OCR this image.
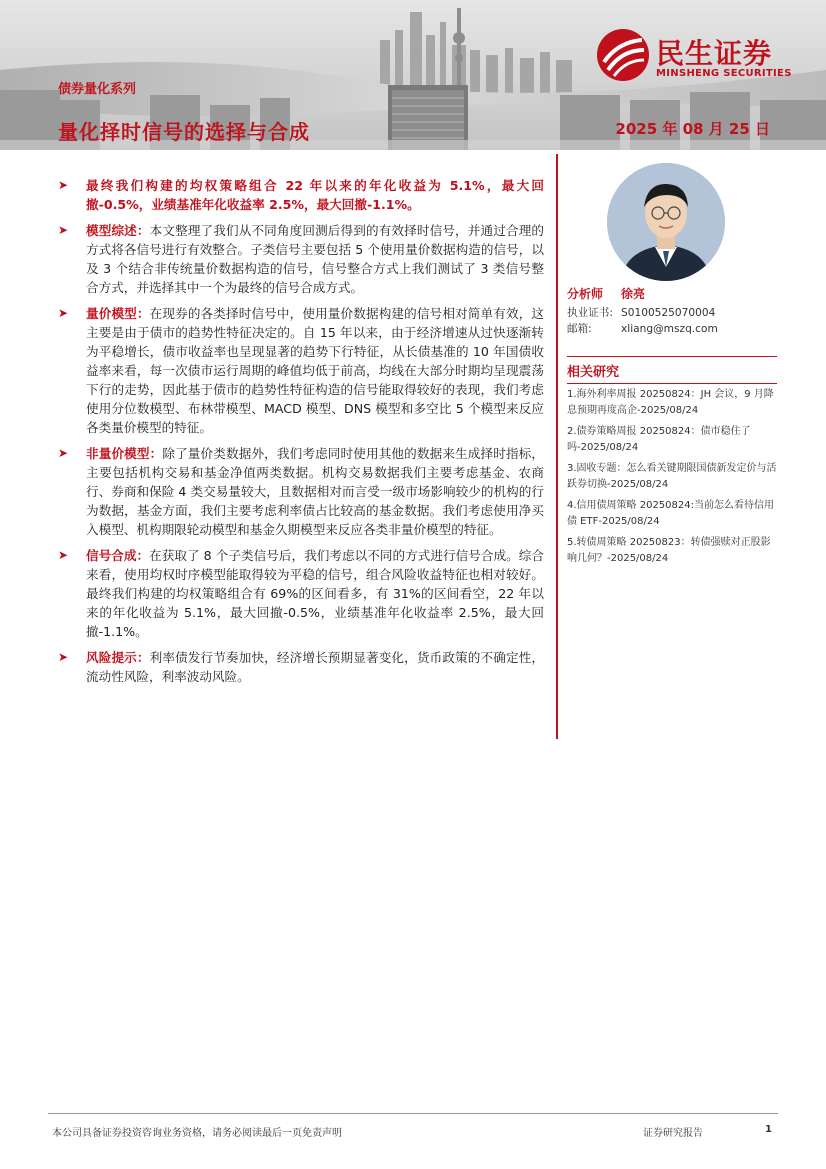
债券量化系列
量化择时信号的选择与合成	2025 年 08 月 25 日
民生证券
MINSHENG SECURITIES
➤ 最终我们构建的均权策略组合 22 年以来的年化收益为 5.1%，最大回撤-0.5%，业绩基准年化收益率 2.5%，最大回撤-1.1%。
➤ 模型综述：本文整理了我们从不同角度回测后得到的有效择时信号，并通过合理的方式将各信号进行有效整合。子类信号主要包括 5 个使用量价数据构造的信号，以及 3 个结合非传统量价数据构造的信号，信号整合方式上我们测试了 3 类信号整合方式，并选择其中一个为最终的信号合成方式。
➤ 量价模型：在现券的各类择时信号中，使用量价数据构建的信号相对简单有效，这主要是由于债市的趋势性特征决定的。自 15 年以来，由于经济增速从过快逐渐转为平稳增长，债市收益率也呈现显著的趋势下行特征，从长债基准的 10 年国债收益率来看，每一次债市运行周期的峰值均低于前高，均线在大部分时期均呈现震荡下行的走势，因此基于债市的趋势性特征构造的信号能取得较好的表现，我们考虑使用分位数模型、布林带模型、MACD 模型、DNS 模型和多空比 5 个模型来反应各类量价模型的特征。
➤ 非量价模型：除了量价类数据外，我们考虑同时使用其他的数据来生成择时指标，主要包括机构交易和基金净值两类数据。机构交易数据我们主要考虑基金、农商行、券商和保险 4 类交易量较大，且数据相对而言受一级市场影响较少的机构的行为数据，基金方面，我们主要考虑利率债占比较高的基金数据。我们考虑使用净买入模型、机构期限轮动模型和基金久期模型来反应各类非量价模型的特征。
➤ 信号合成：在获取了 8 个子类信号后，我们考虑以不同的方式进行信号合成。综合来看，使用均权时序模型能取得较为平稳的信号，组合风险收益特征也相对较好。最终我们构建的均权策略组合有 69%的区间看多，有 31%的区间看空，22 年以来的年化收益为 5.1%，最大回撤-0.5%，业绩基准年化收益率 2.5%，最大回撤-1.1%。
➤ 风险提示：利率债发行节奏加快，经济增长预期显著变化，货币政策的不确定性，流动性风险，利率波动风险。
分析师 徐亮
执业证书: S0100525070004
邮箱:	xliang@mszq.com
相关研究
1.海外利率周报 20250824：JH 会议，9 月降息预期再度高企-2025/08/24
2.债券策略周报 20250824：债市稳住了吗-2025/08/24
3.固收专题：怎么看关键期限国债新发定价与活跃券切换-2025/08/24
4.信用债周策略 20250824:当前怎么看待信用债 ETF-2025/08/24
5.转债周策略 20250823：转债强赎对正股影响几何？-2025/08/24
本公司具备证券投资咨询业务资格，请务必阅读最后一页免责声明	证券研究报告	1
